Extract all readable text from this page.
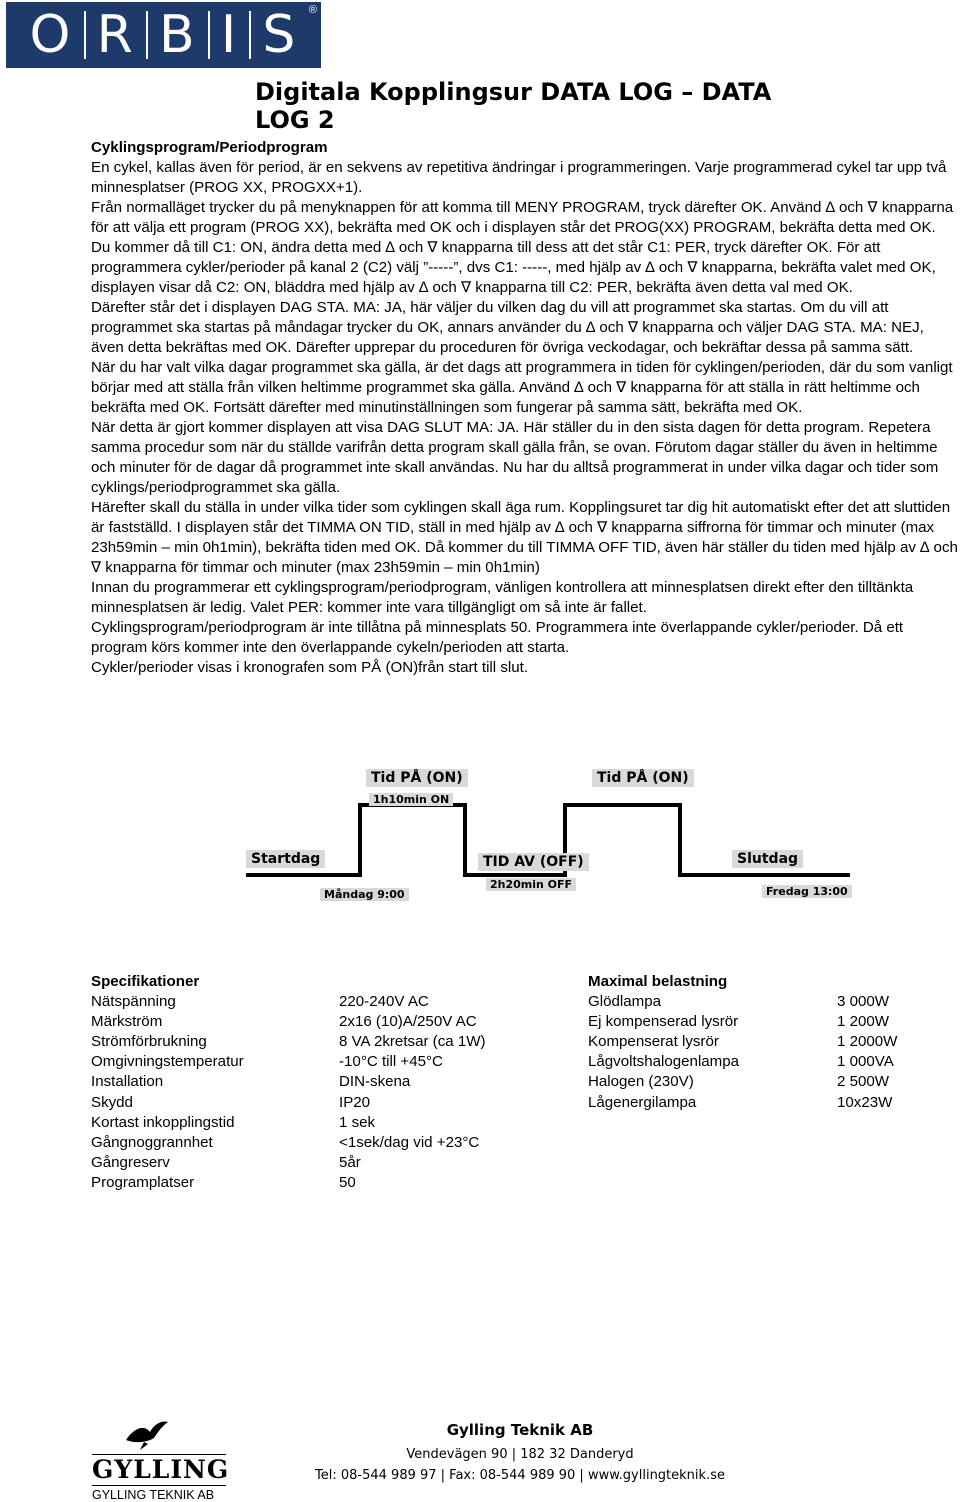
O R B I S ®
Digitala Kopplingsur DATA LOG – DATA LOG 2
Cyklingsprogram/Periodprogram

En cykel, kallas även för period, är en sekvens av repetitiva ändringar i programmeringen. Varje programmerad cykel tar upp två minnesplatser (PROG XX, PROGXX+1).

Från normalläget trycker du på menyknappen för att komma till MENY PROGRAM, tryck därefter OK. Använd ∆ och ∇ knapparna för att välja ett program (PROG XX), bekräfta med OK och i displayen står det PROG(XX) PROGRAM, bekräfta detta med OK. Du kommer då till C1: ON, ändra detta med ∆ och ∇ knapparna till dess att det står C1: PER, tryck därefter OK. För att programmera cykler/perioder på kanal 2 (C2) välj ”-----”, dvs C1: -----, med hjälp av ∆ och ∇ knapparna, bekräfta valet med OK, displayen visar då C2: ON, bläddra med hjälp av ∆ och ∇ knapparna till C2: PER, bekräfta även detta val med OK.

Därefter står det i displayen DAG STA. MA: JA, här väljer du vilken dag du vill att programmet ska startas. Om du vill att programmet ska startas på måndagar trycker du OK, annars använder du ∆ och ∇ knapparna och väljer DAG STA. MA: NEJ, även detta bekräftas med OK. Därefter upprepar du proceduren för övriga veckodagar, och bekräftar dessa på samma sätt.

När du har valt vilka dagar programmet ska gälla, är det dags att programmera in tiden för cyklingen/perioden, där du som vanligt börjar med att ställa från vilken heltimme programmet ska gälla. Använd ∆ och ∇ knapparna för att ställa in rätt heltimme och bekräfta med OK. Fortsätt därefter med minutinställningen som fungerar på samma sätt, bekräfta med OK.

När detta är gjort kommer displayen att visa DAG SLUT MA: JA. Här ställer du in den sista dagen för detta program. Repetera samma procedur som när du ställde varifrån detta program skall gälla från, se ovan. Förutom dagar ställer du även in heltimme och minuter för de dagar då programmet inte skall användas. Nu har du alltså programmerat in under vilka dagar och tider som cyklings/periodprogrammet ska gälla.

Härefter skall du ställa in under vilka tider som cyklingen skall äga rum. Kopplingsuret tar dig hit automatiskt efter det att sluttiden är fastställd. I displayen står det TIMMA ON TID, ställ in med hjälp av ∆ och ∇ knapparna siffrorna för timmar och minuter (max 23h59min – min 0h1min), bekräfta tiden med OK. Då kommer du till TIMMA OFF TID, även här ställer du tiden med hjälp av ∆ och ∇ knapparna för timmar och minuter (max 23h59min – min 0h1min)

Innan du programmerar ett cyklingsprogram/periodprogram, vänligen kontrollera att minnesplatsen direkt efter den tilltänkta minnesplatsen är ledig. Valet PER: kommer inte vara tillgängligt om så inte är fallet.

Cyklingsprogram/periodprogram är inte tillåtna på minnesplats 50. Programmera inte överlappande cykler/perioder. Då ett program körs kommer inte den överlappande cykeln/perioden att starta.

Cykler/perioder visas i kronografen som PÅ (ON)från start till slut.

Tid PÅ (ON)
1h10min ON
Tid PÅ (ON)
Startdag
Måndag 9:00
TID AV (OFF)
2h20min OFF
Slutdag
Fredag 13:00
Specifikationer
Nätspänning	220-240V AC
Märkström	2x16 (10)A/250V AC
Strömförbrukning	8 VA 2kretsar (ca 1W)
Omgivningstemperatur	-10°C till +45°C
Installation	DIN-skena
Skydd	IP20
Kortast inkopplingstid	1 sek
Gångnoggrannhet	<1sek/dag vid +23°C
Gångreserv	5år
Programplatser	50
Maximal belastning
Glödlampa	3 000W
Ej kompenserad lysrör	1 200W
Kompenserat lysrör	1 2000W
Lågvoltshalogenlampa	1 000VA
Halogen (230V)	2 500W
Lågenergilampa	10x23W
GYLLING
GYLLING TEKNIK AB
Gylling Teknik AB
Vendevägen 90 | 182 32 Danderyd
Tel: 08-544 989 97 | Fax: 08-544 989 90 | www.gyllingteknik.se
